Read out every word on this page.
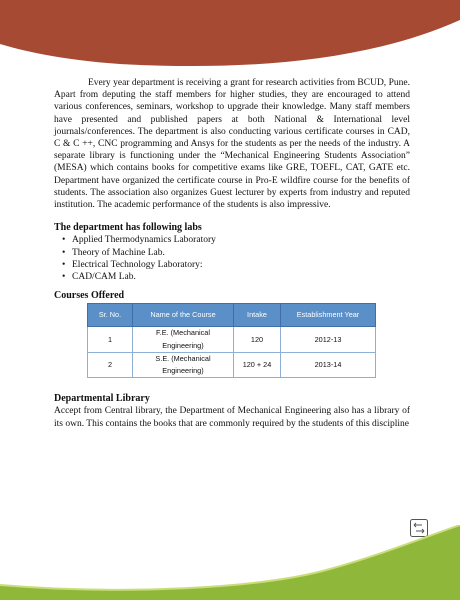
Every year department is receiving a grant for research activities from BCUD, Pune. Apart from deputing the staff members for higher studies, they are encouraged to attend various conferences, seminars, workshop to upgrade their knowledge. Many staff members have presented and published papers at both National & International level journals/conferences. The department is also conducting various certificate courses in CAD, C & C ++, CNC programming and Ansys for the students as per the needs of the industry. A separate library is functioning under the “Mechanical Engineering Students Association” (MESA) which contains books for competitive exams like GRE, TOEFL, CAT, GATE etc. Department have organized the certificate course in Pro-E wildfire course for the benefits of students. The association also organizes Guest lecturer by experts from industry and reputed institution. The academic performance of the students is also impressive.

The department has following labs

• Applied Thermodynamics Laboratory
• Theory of Machine Lab.
• Electrical Technology Laboratory:
• CAD/CAM Lab.

Courses Offered

Sr. No.	Name of the Course	Intake	Establishment Year
1	F.E. (Mechanical Engineering)	120	2012-13
2	S.E. (Mechanical Engineering)	120 + 24	2013-14

Departmental Library

Accept from Central library, the Department of Mechanical Engineering also has a library of its own. This contains the books that are commonly required by the students of this discipline
